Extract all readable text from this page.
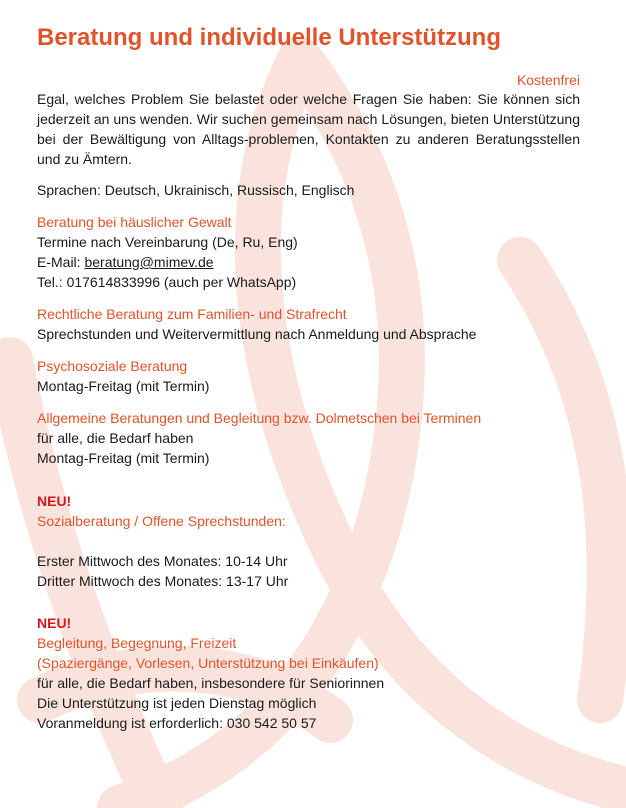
Beratung und individuelle Unterstützung
Kostenfrei

Egal, welches Problem Sie belastet oder welche Fragen Sie haben: Sie können sich jederzeit an uns wenden. Wir suchen gemeinsam nach Lösungen, bieten Unterstützung bei der Bewältigung von Alltags-problemen, Kontakten zu anderen Beratungsstellen und zu Ämtern.

Sprachen: Deutsch, Ukrainisch, Russisch, Englisch

Beratung bei häuslicher Gewalt
Termine nach Vereinbarung (De, Ru, Eng)
E-Mail: beratung@mimev.de
Tel.: 017614833996 (auch per WhatsApp)
Rechtliche Beratung zum Familien- und Strafrecht
Sprechstunden und Weitervermittlung nach Anmeldung und Absprache
Psychosoziale Beratung
Montag-Freitag (mit Termin)
Allgemeine Beratungen und Begleitung bzw. Dolmetschen bei Terminen
für alle, die Bedarf haben
Montag-Freitag (mit Termin)
NEU!
Sozialberatung / Offene Sprechstunden:
Erster Mittwoch des Monates: 10-14 Uhr
Dritter Mittwoch des Monates: 13-17 Uhr
NEU!
Begleitung, Begegnung, Freizeit
(Spaziergänge, Vorlesen, Unterstützung bei Einkäufen)
für alle, die Bedarf haben, insbesondere für Seniorinnen
Die Unterstützung ist jeden Dienstag möglich
Voranmeldung ist erforderlich: 030 542 50 57
